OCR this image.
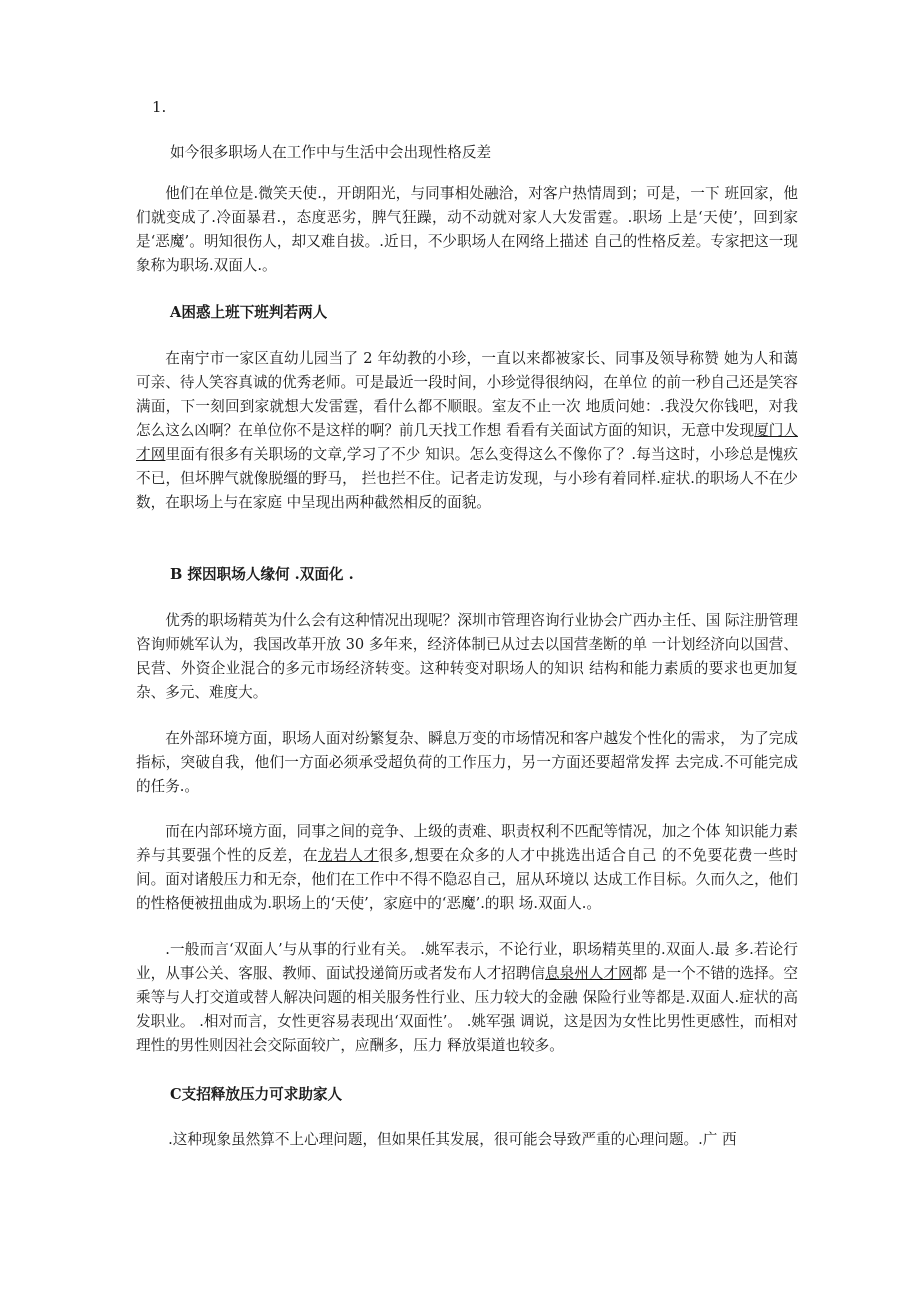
1.
如今很多职场人在工作中与生活中会出现性格反差

他们在单位是.微笑天使.，开朗阳光，与同事相处融洽，对客户热情周到；可是，一下 班回家，他们就变成了.冷面暴君.，态度恶劣，脾气狂躁，动不动就对家人大发雷霆。.职场 上是‘天使’，回到家是‘恶魔’。明知很伤人，却又难自拔。.近日，不少职场人在网络上描述 自己的性格反差。专家把这一现象称为职场.双面人.。

A困惑上班下班判若两人

在南宁市一家区直幼儿园当了 2 年幼教的小珍，一直以来都被家长、同事及领导称赞 她为人和蔼可亲、待人笑容真诚的优秀老师。可是最近一段时间，小珍觉得很纳闷，在单位 的前一秒自己还是笑容满面，下一刻回到家就想大发雷霆，看什么都不顺眼。室友不止一次 地质问她：.我没欠你钱吧，对我怎么这么凶啊？在单位你不是这样的啊？前几天找工作想 看看有关面试方面的知识，无意中发现厦门人才网里面有很多有关职场的文章,学习了不少 知识。怎么变得这么不像你了？.每当这时，小珍总是愧疚不已，但坏脾气就像脱缰的野马， 拦也拦不住。记者走访发现，与小珍有着同样.症状.的职场人不在少数，在职场上与在家庭 中呈现出两种截然相反的面貌。

B 探因职场人缘何 .双面化 .

优秀的职场精英为什么会有这种情况出现呢？深圳市管理咨询行业协会广西办主任、国 际注册管理咨询师姚军认为，我国改革开放 30 多年来，经济体制已从过去以国营垄断的单 一计划经济向以国营、民营、外资企业混合的多元市场经济转变。这种转变对职场人的知识 结构和能力素质的要求也更加复杂、多元、难度大。

在外部环境方面，职场人面对纷繁复杂、瞬息万变的市场情况和客户越发个性化的需求， 为了完成指标，突破自我，他们一方面必须承受超负荷的工作压力，另一方面还要超常发挥 去完成.不可能完成的任务.。

而在内部环境方面，同事之间的竞争、上级的责难、职责权利不匹配等情况，加之个体 知识能力素养与其要强个性的反差，在龙岩人才很多,想要在众多的人才中挑选出适合自己 的不免要花费一些时间。面对诸般压力和无奈，他们在工作中不得不隐忍自己，屈从环境以 达成工作目标。久而久之，他们的性格便被扭曲成为.职场上的‘天使’，家庭中的‘恶魔’.的职 场.双面人.。

.一般而言‘双面人’与从事的行业有关。 .姚军表示，不论行业，职场精英里的.双面人.最 多.若论行业，从事公关、客服、教师、面试投递简历或者发布人才招聘信息泉州人才网都 是一个不错的选择。空乘等与人打交道或替人解决问题的相关服务性行业、压力较大的金融 保险行业等都是.双面人.症状的高发职业。 .相对而言，女性更容易表现出‘双面性’。 .姚军强 调说，这是因为女性比男性更感性，而相对理性的男性则因社会交际面较广，应酬多，压力 释放渠道也较多。

C支招释放压力可求助家人

.这种现象虽然算不上心理问题，但如果任其发展，很可能会导致严重的心理问题。.广 西
